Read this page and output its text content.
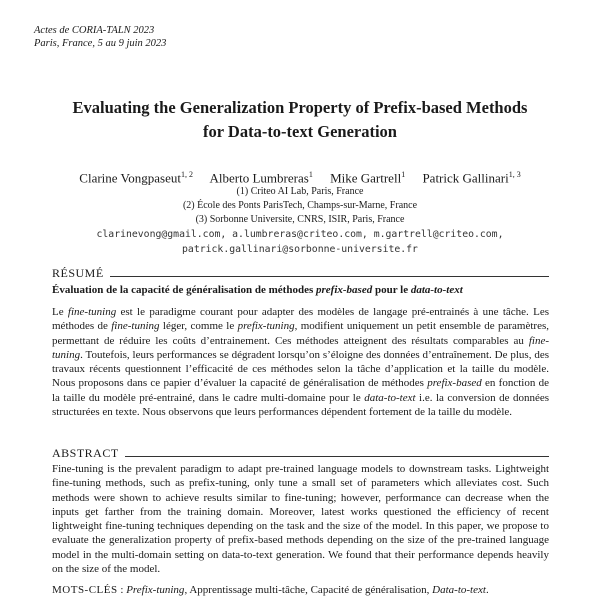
Actes de CORIA-TALN 2023
Paris, France, 5 au 9 juin 2023
Evaluating the Generalization Property of Prefix-based Methods
for Data-to-text Generation
Clarine Vongpaseut$^{1, 2}$ Alberto Lumbreras$^1$ Mike Gartrell$^1$ Patrick Gallinari$^{1, 3}$
(1) Criteo AI Lab, Paris, France
(2) École des Ponts ParisTech, Champs-sur-Marne, France
(3) Sorbonne Universite, CNRS, ISIR, Paris, France
clarinevong@gmail.com, a.lumbreras@criteo.com, m.gartrell@criteo.com,
patrick.gallinari@sorbonne-universite.fr
RÉSUMÉ
Évaluation de la capacité de généralisation de méthodes prefix-based pour le data-to-text
Le fine-tuning est le paradigme courant pour adapter des modèles de langage pré-entrainés à une tâche. Les méthodes de fine-tuning léger, comme le prefix-tuning, modifient uniquement un petit ensemble de paramètres, permettant de réduire les coûts d’entrainement. Ces méthodes atteignent des résultats comparables au fine-tuning. Toutefois, leurs performances se dégradent lorsqu’on s’éloigne des données d’entraînement. De plus, des travaux récents questionnent l’efficacité de ces méthodes selon la tâche d’application et la taille du modèle. Nous proposons dans ce papier d’évaluer la capacité de généralisation de méthodes prefix-based en fonction de la taille du modèle pré-entrainé, dans le cadre multi-domaine pour le data-to-text i.e. la conversion de données structurées en texte. Nous observons que leurs performances dépendent fortement de la taille du modèle.
ABSTRACT
Fine-tuning is the prevalent paradigm to adapt pre-trained language models to downstream tasks. Lightweight fine-tuning methods, such as prefix-tuning, only tune a small set of parameters which alleviates cost. Such methods were shown to achieve results similar to fine-tuning; however, performance can decrease when the inputs get farther from the training domain. Moreover, latest works questioned the efficiency of recent lightweight fine-tuning techniques depending on the task and the size of the model. In this paper, we propose to evaluate the generalization property of prefix-based methods depending on the size of the pre-trained language model in the multi-domain setting on data-to-text generation. We found that their performance depends heavily on the size of the model.
MOTS-CLÉS : Prefix-tuning, Apprentissage multi-tâche, Capacité de généralisation, Data-to-text.
